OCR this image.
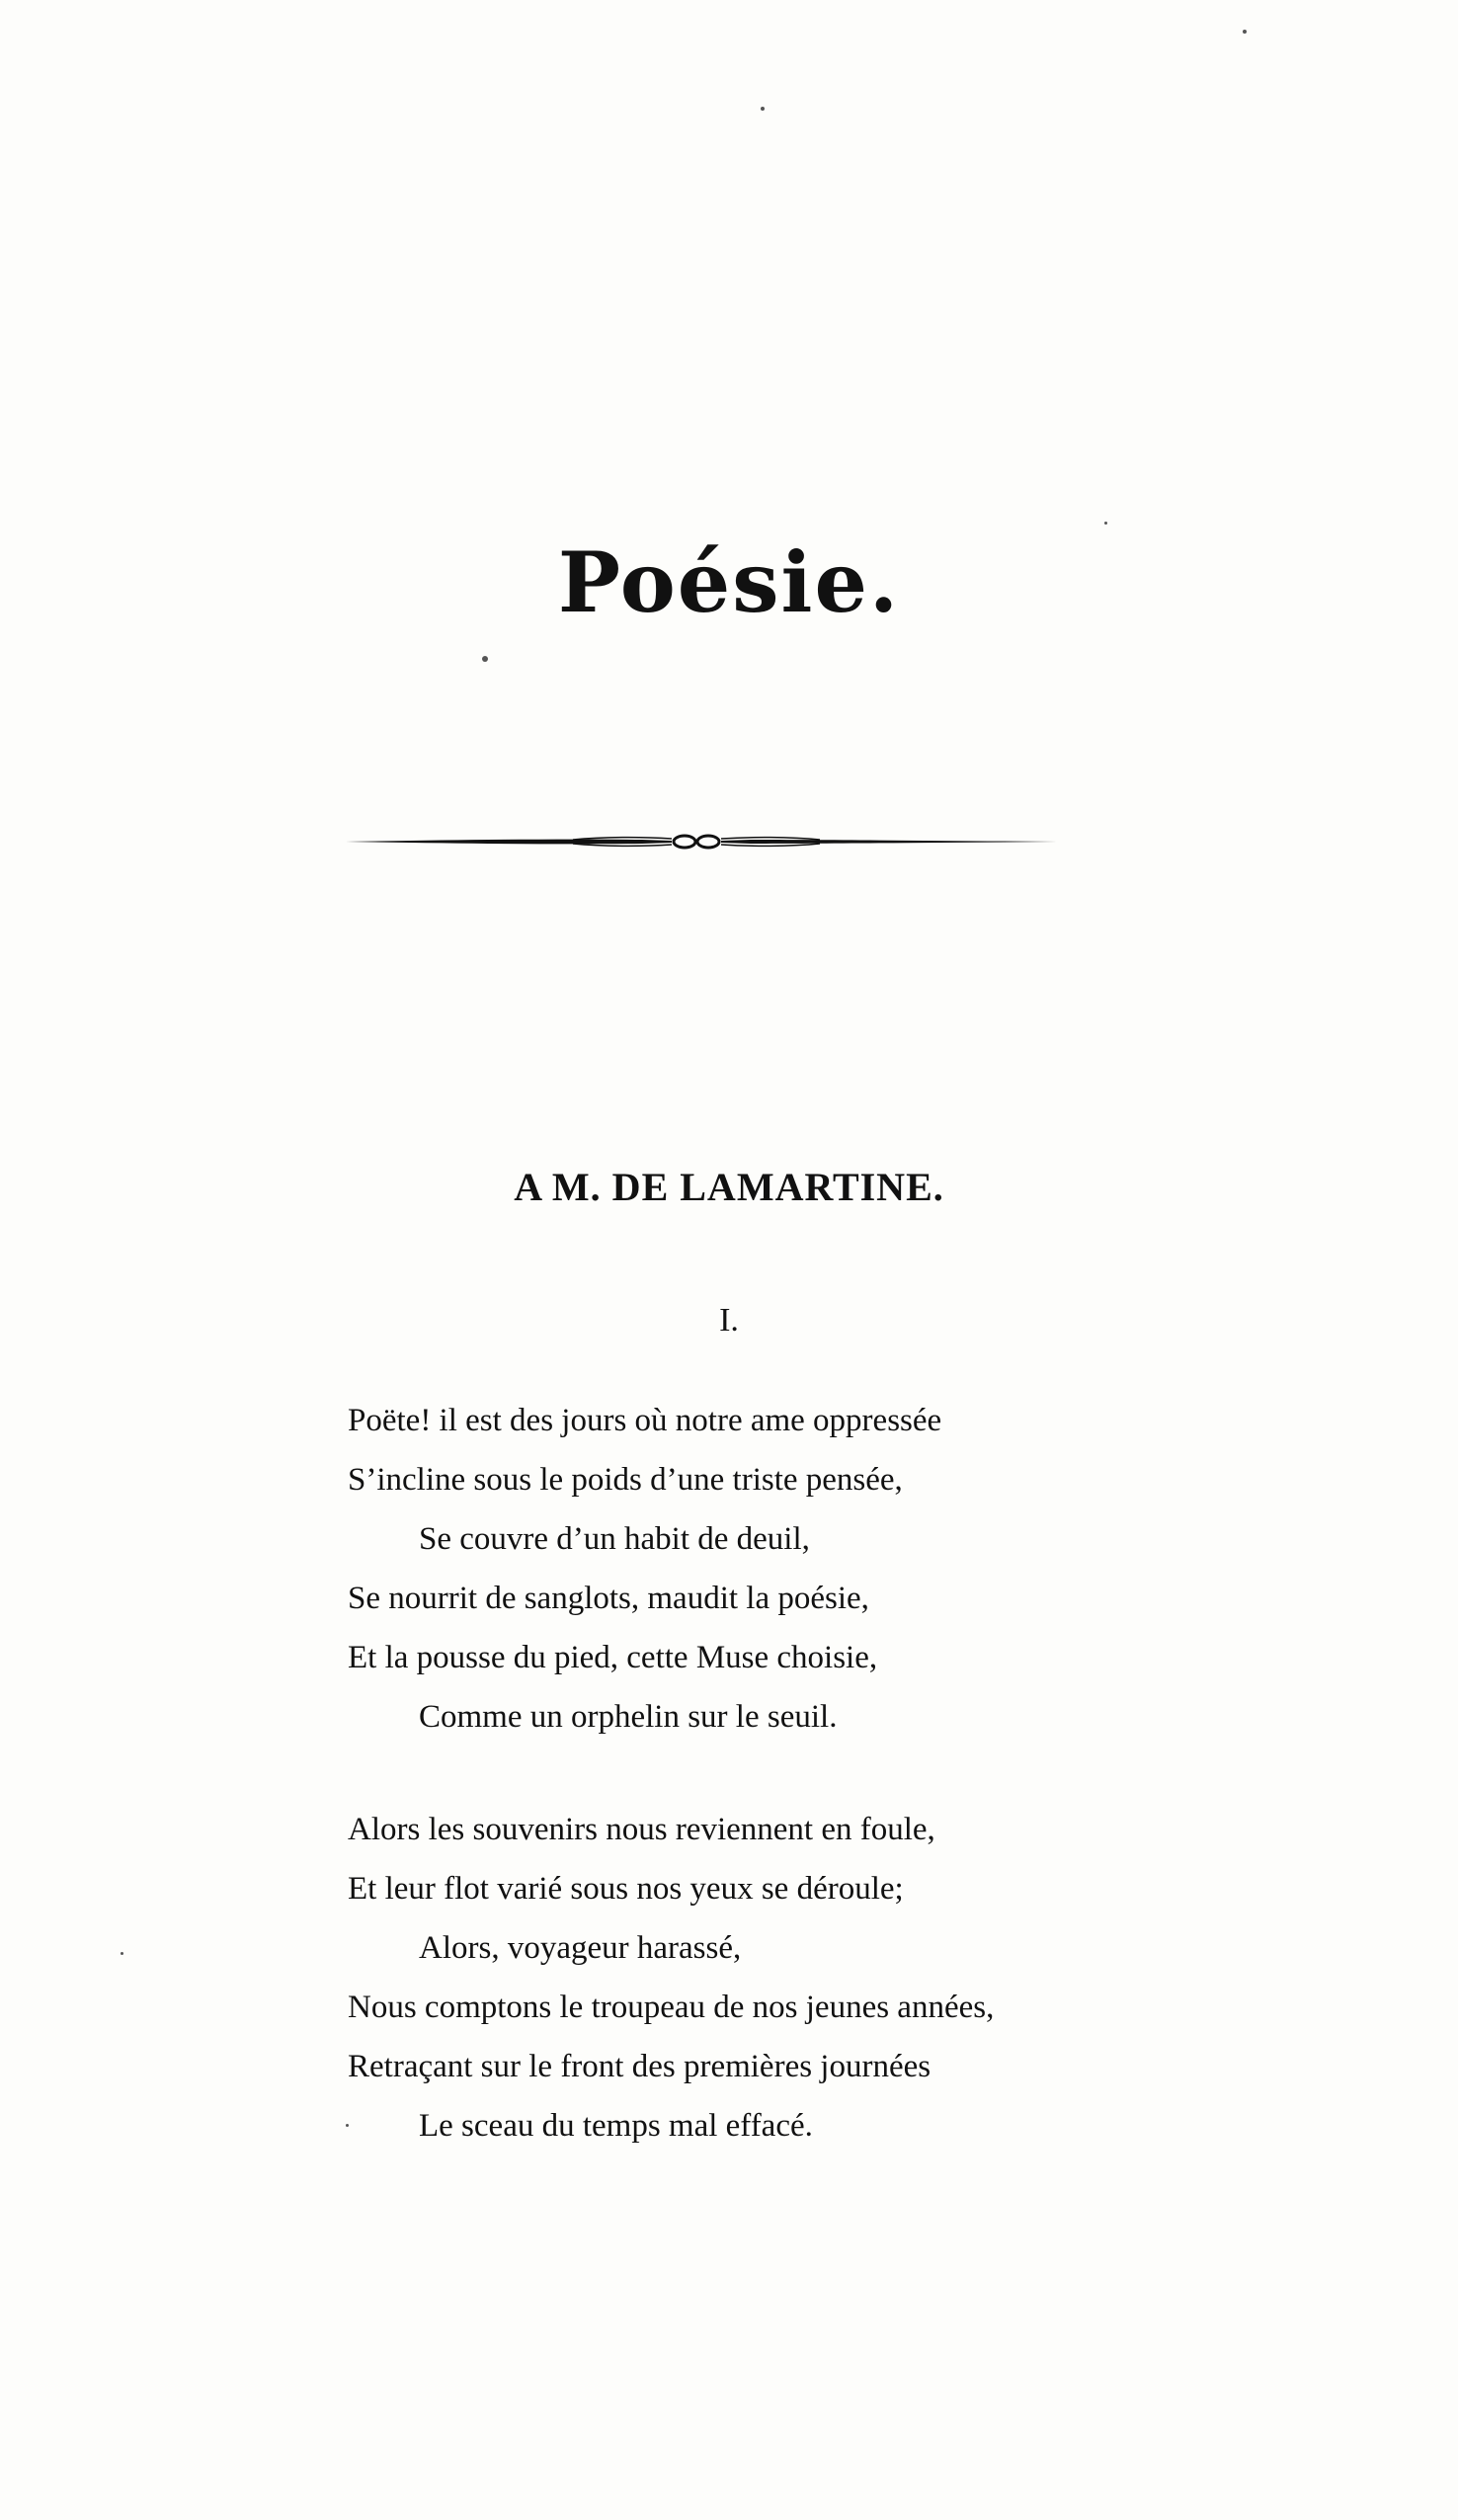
Poésie.
A M. DE LAMARTINE.
I.
Poëte! il est des jours où notre ame oppressée
S’incline sous le poids d’une triste pensée,
Se couvre d’un habit de deuil,
Se nourrit de sanglots, maudit la poésie,
Et la pousse du pied, cette Muse choisie,
Comme un orphelin sur le seuil.
Alors les souvenirs nous reviennent en foule,
Et leur flot varié sous nos yeux se déroule;
Alors, voyageur harassé,
Nous comptons le troupeau de nos jeunes années,
Retraçant sur le front des premières journées
Le sceau du temps mal effacé.
